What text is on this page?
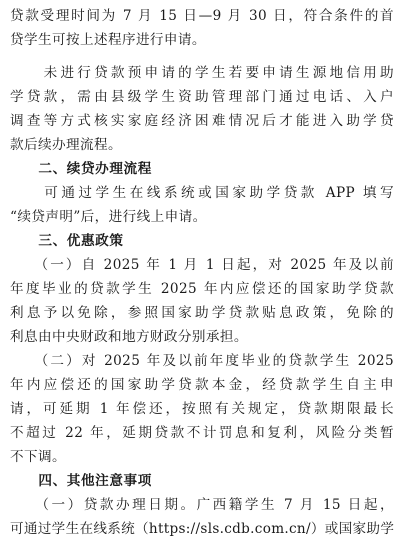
贷款受理时间为 7 月 15 日—9 月 30 日，符合条件的首
贷学生可按上述程序进行申请。
　　未进行贷款预申请的学生若要申请生源地信用助
学贷款，需由县级学生资助管理部门通过电话、入户
调查等方式核实家庭经济困难情况后才能进入助学贷
款后续办理流程。
　　二、续贷办理流程
　　可通过学生在线系统或国家助学贷款 APP 填写
“续贷声明”后，进行线上申请。
　　三、优惠政策
　　（一）自 2025 年 1 月 1 日起，对 2025 年及以前
年度毕业的贷款学生 2025 年内应偿还的国家助学贷款
利息予以免除，参照国家助学贷款贴息政策，免除的
利息由中央财政和地方财政分别承担。
　　（二）对 2025 年及以前年度毕业的贷款学生 2025
年内应偿还的国家助学贷款本金，经贷款学生自主申
请，可延期 1 年偿还，按照有关规定，贷款期限最长
不超过 22 年，延期贷款不计罚息和复利，风险分类暂
不下调。
　　四、其他注意事项
　　（一）贷款办理日期。广西籍学生 7 月 15 日起，
可通过学生在线系统（https://sls.cdb.com.cn/）或国家助学
